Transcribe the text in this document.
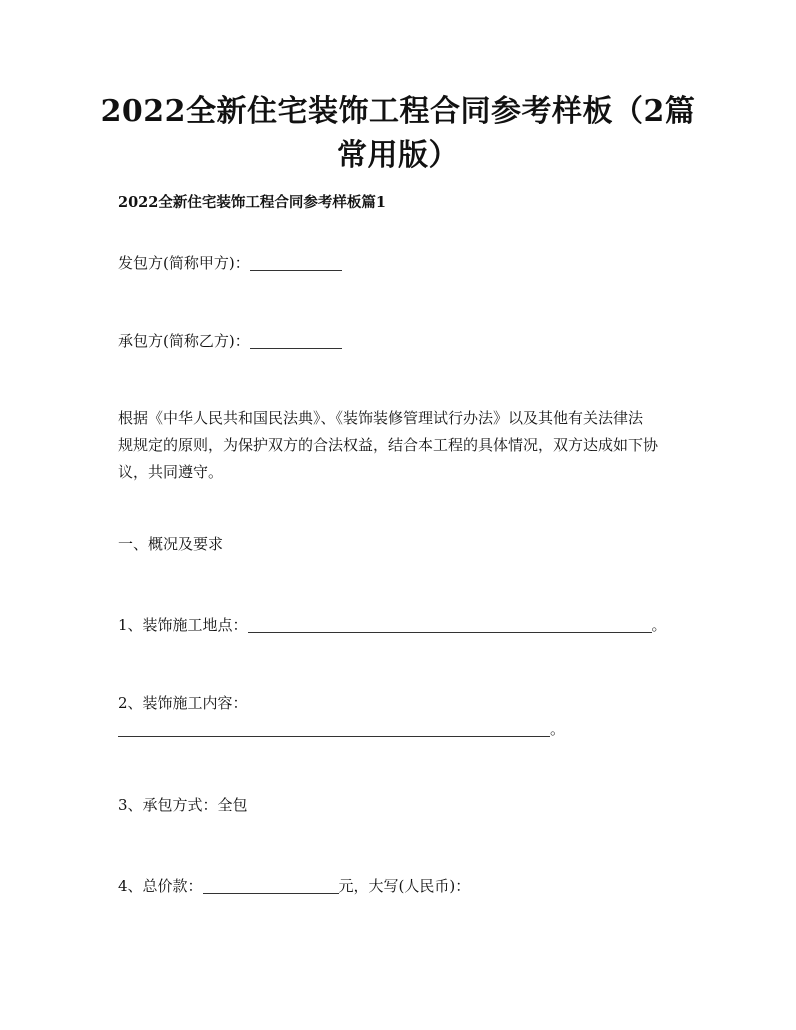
2022全新住宅装饰工程合同参考样板（2篇
常用版）
2022全新住宅装饰工程合同参考样板篇1
发包方(简称甲方)：
承包方(简称乙方)：
根据《中华人民共和国民法典》、《装饰装修管理试行办法》以及其他有关法律法
规规定的原则，为保护双方的合法权益，结合本工程的具体情况，双方达成如下协
议，共同遵守。
一、概况及要求
1、装饰施工地点：	。
2、装饰施工内容：
。
3、承包方式：全包
4、总价款：	元，大写(人民币)：
